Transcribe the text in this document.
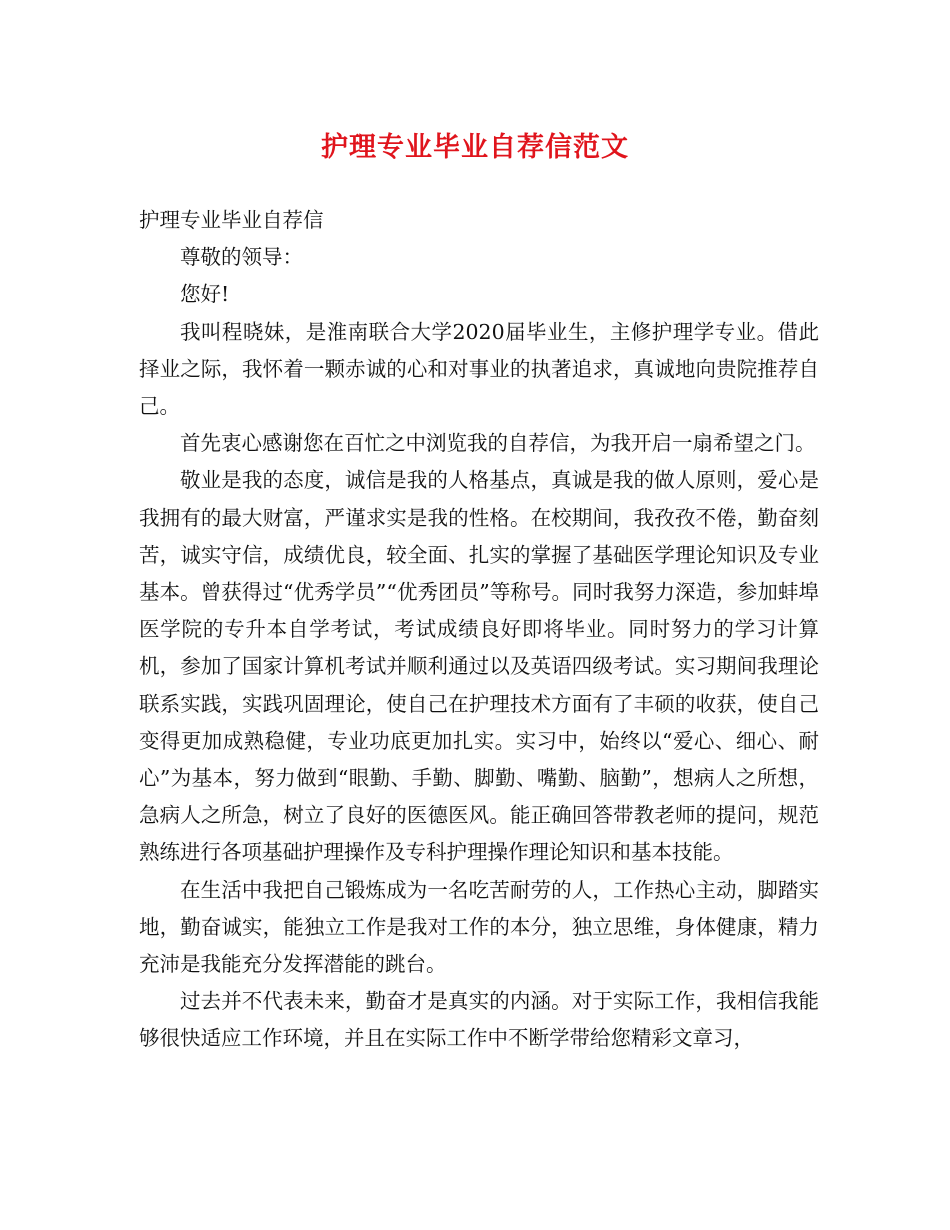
护理专业毕业自荐信范文

护理专业毕业自荐信

尊敬的领导：

您好!

我叫程晓妹，是淮南联合大学2020届毕业生，主修护理学专业。借此择业之际，我怀着一颗赤诚的心和对事业的执著追求，真诚地向贵院推荐自己。

首先衷心感谢您在百忙之中浏览我的自荐信，为我开启一扇希望之门。

敬业是我的态度，诚信是我的人格基点，真诚是我的做人原则，爱心是我拥有的最大财富，严谨求实是我的性格。在校期间，我孜孜不倦，勤奋刻苦，诚实守信，成绩优良，较全面、扎实的掌握了基础医学理论知识及专业基本。曾获得过“优秀学员”“优秀团员”等称号。同时我努力深造，参加蚌埠医学院的专升本自学考试，考试成绩良好即将毕业。同时努力的学习计算机，参加了国家计算机考试并顺利通过以及英语四级考试。实习期间我理论联系实践，实践巩固理论，使自己在护理技术方面有了丰硕的收获，使自己变得更加成熟稳健，专业功底更加扎实。实习中，始终以“爱心、细心、耐心”为基本，努力做到“眼勤、手勤、脚勤、嘴勤、脑勤”，想病人之所想，急病人之所急，树立了良好的医德医风。能正确回答带教老师的提问，规范熟练进行各项基础护理操作及专科护理操作理论知识和基本技能。

在生活中我把自己锻炼成为一名吃苦耐劳的人，工作热心主动，脚踏实地，勤奋诚实，能独立工作是我对工作的本分，独立思维，身体健康，精力充沛是我能充分发挥潜能的跳台。

过去并不代表未来，勤奋才是真实的内涵。对于实际工作，我相信我能够很快适应工作环境，并且在实际工作中不断学带给您精彩文章习，
